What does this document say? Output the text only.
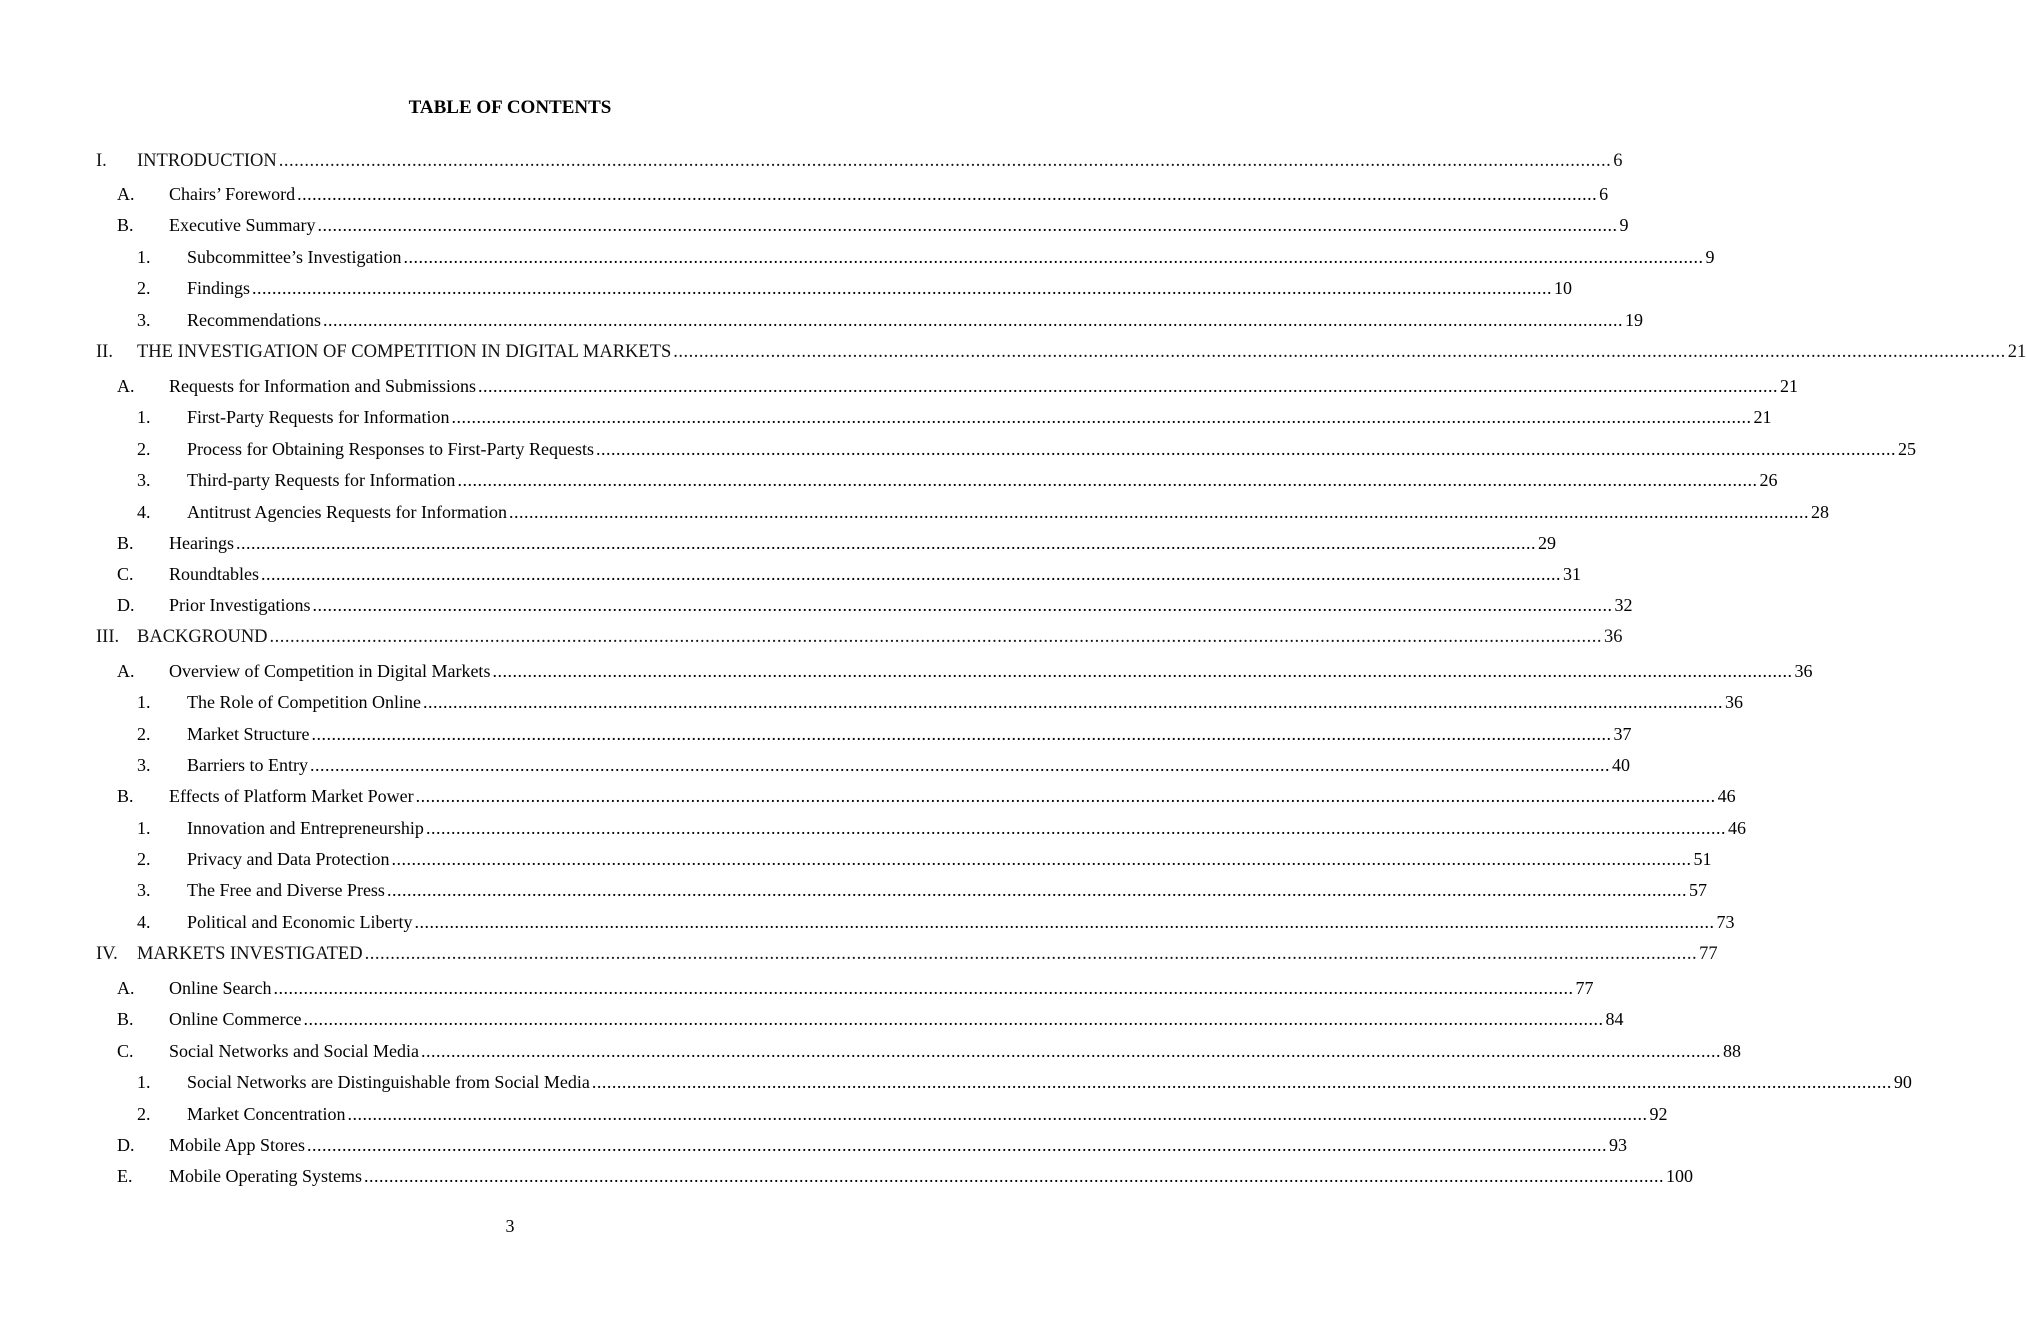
TABLE OF CONTENTS
I. INTRODUCTION .................................................................................................................................................................................................................................................................... 6
A. Chairs’ Foreword .................................................................................................................................................................................................................................................................... 6
B. Executive Summary .................................................................................................................................................................................................................................................................... 9
1. Subcommittee’s Investigation .................................................................................................................................................................................................................................................................... 9
2. Findings .................................................................................................................................................................................................................................................................... 10
3. Recommendations .................................................................................................................................................................................................................................................................... 19
II. THE INVESTIGATION OF COMPETITION IN DIGITAL MARKETS .................................................................................................................................................................................................................................................................... 21
A. Requests for Information and Submissions .................................................................................................................................................................................................................................................................... 21
1. First-Party Requests for Information .................................................................................................................................................................................................................................................................... 21
2. Process for Obtaining Responses to First-Party Requests .................................................................................................................................................................................................................................................................... 25
3. Third-party Requests for Information .................................................................................................................................................................................................................................................................... 26
4. Antitrust Agencies Requests for Information .................................................................................................................................................................................................................................................................... 28
B. Hearings .................................................................................................................................................................................................................................................................... 29
C. Roundtables .................................................................................................................................................................................................................................................................... 31
D. Prior Investigations .................................................................................................................................................................................................................................................................... 32
III. BACKGROUND .................................................................................................................................................................................................................................................................... 36
A. Overview of Competition in Digital Markets .................................................................................................................................................................................................................................................................... 36
1. The Role of Competition Online .................................................................................................................................................................................................................................................................... 36
2. Market Structure .................................................................................................................................................................................................................................................................... 37
3. Barriers to Entry .................................................................................................................................................................................................................................................................... 40
B. Effects of Platform Market Power .................................................................................................................................................................................................................................................................... 46
1. Innovation and Entrepreneurship .................................................................................................................................................................................................................................................................... 46
2. Privacy and Data Protection .................................................................................................................................................................................................................................................................... 51
3. The Free and Diverse Press .................................................................................................................................................................................................................................................................... 57
4. Political and Economic Liberty .................................................................................................................................................................................................................................................................... 73
IV. MARKETS INVESTIGATED .................................................................................................................................................................................................................................................................... 77
A. Online Search .................................................................................................................................................................................................................................................................... 77
B. Online Commerce .................................................................................................................................................................................................................................................................... 84
C. Social Networks and Social Media .................................................................................................................................................................................................................................................................... 88
1. Social Networks are Distinguishable from Social Media .................................................................................................................................................................................................................................................................... 90
2. Market Concentration .................................................................................................................................................................................................................................................................... 92
D. Mobile App Stores .................................................................................................................................................................................................................................................................... 93
E. Mobile Operating Systems .................................................................................................................................................................................................................................................................... 100
3
